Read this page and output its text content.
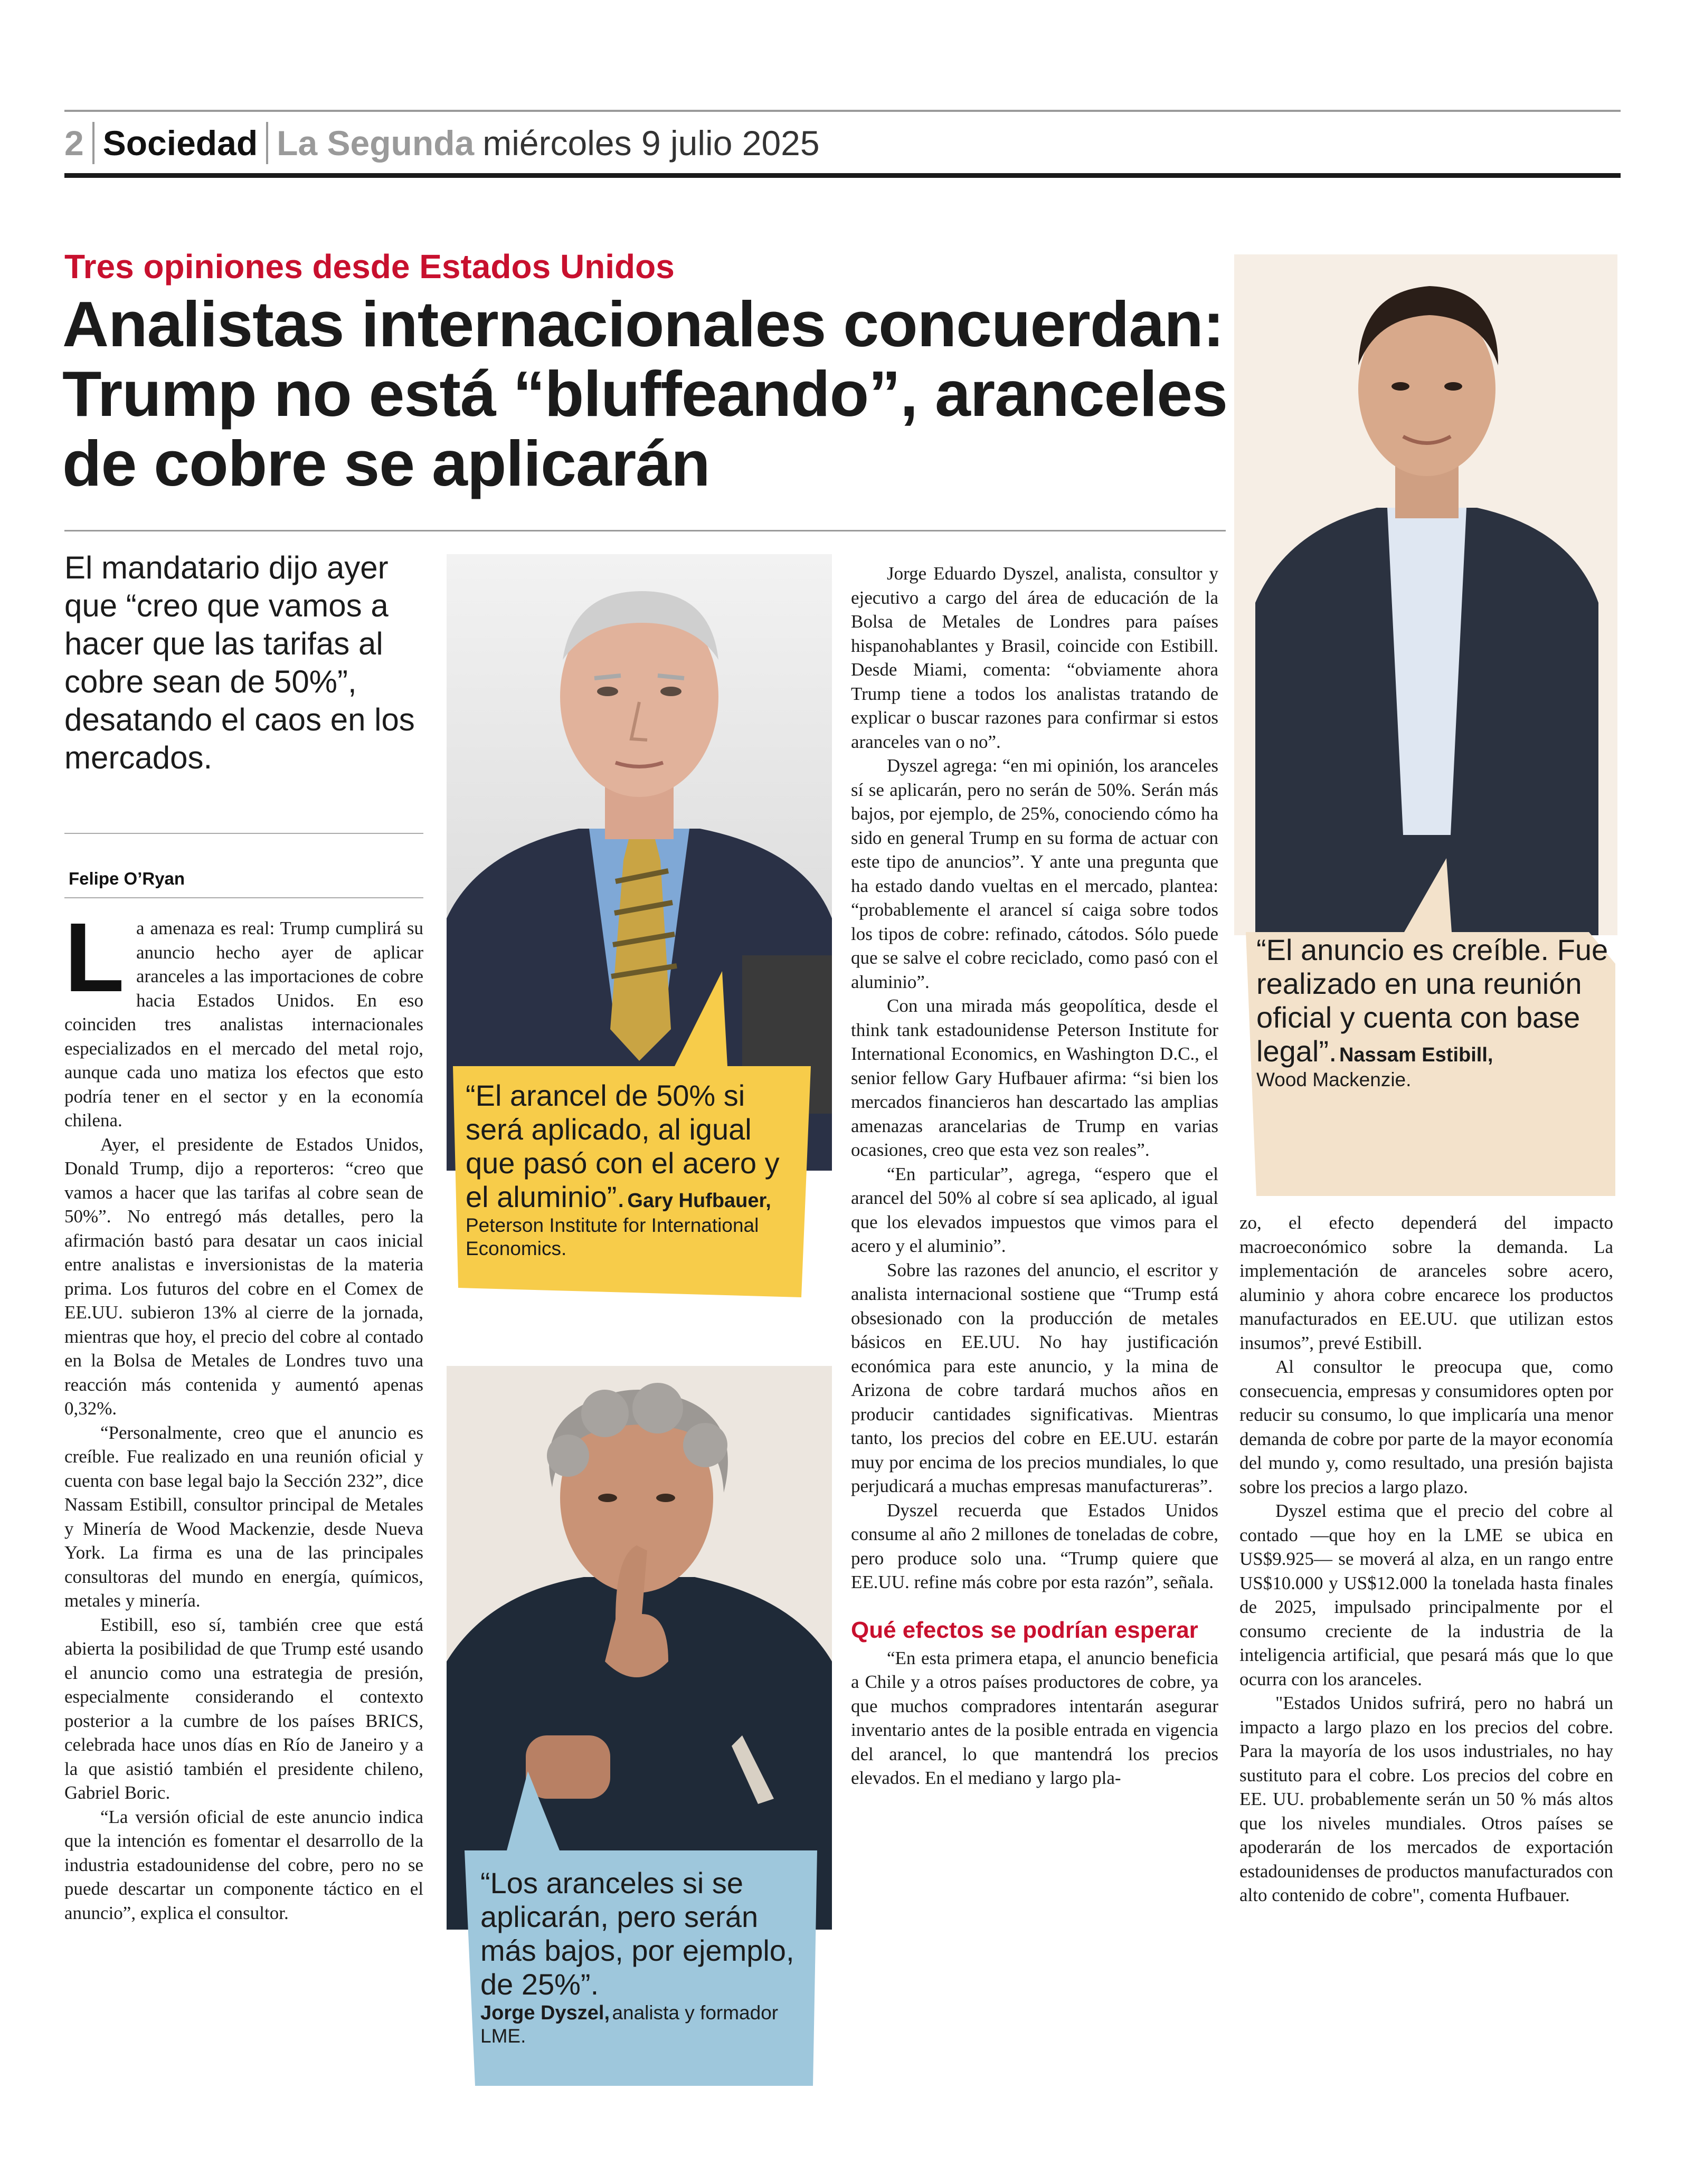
2 Sociedad La Segunda miércoles 9 julio 2025
Tres opiniones desde Estados Unidos
Analistas internacionales concuerdan: Trump no está “bluffeando”, aranceles de cobre se aplicarán
El mandatario dijo ayer que “creo que vamos a hacer que las tarifas al cobre sean de 50%”, desatando el caos en los mercados.
Felipe O’Ryan

La amenaza es real: Trump cumplirá su anuncio hecho ayer de aplicar aranceles a las importaciones de cobre hacia Estados Unidos. En eso coinciden tres analistas internacionales especializados en el mercado del metal rojo, aunque cada uno matiza los efectos que esto podría tener en el sector y en la economía chilena.

Ayer, el presidente de Estados Unidos, Donald Trump, dijo a reporteros: “creo que vamos a hacer que las tarifas al cobre sean de 50%”. No entregó más detalles, pero la afirmación bastó para desatar un caos inicial entre analistas e inversionistas de la materia prima. Los futuros del cobre en el Comex de EE.UU. subieron 13% al cierre de la jornada, mientras que hoy, el precio del cobre al contado en la Bolsa de Metales de Londres tuvo una reacción más contenida y aumentó apenas 0,32%.

“Personalmente, creo que el anuncio es creíble. Fue realizado en una reunión oficial y cuenta con base legal bajo la Sección 232”, dice Nassam Estibill, consultor principal de Metales y Minería de Wood Mackenzie, desde Nueva York. La firma es una de las principales consultoras del mundo en energía, químicos, metales y minería.

Estibill, eso sí, también cree que está abierta la posibilidad de que Trump esté usando el anuncio como una estrategia de presión, especialmente considerando el contexto posterior a la cumbre de los países BRICS, celebrada hace unos días en Río de Janeiro y a la que asistió también el presidente chileno, Gabriel Boric.

“La versión oficial de este anuncio indica que la intención es fomentar el desarrollo de la industria estadounidense del cobre, pero no se puede descartar un componente táctico en el anuncio”, explica el consultor.

“El arancel de 50% si será aplicado, al igual que pasó con el acero y el aluminio”. Gary Hufbauer, Peterson Institute for International Economics.
“Los aranceles si se aplicarán, pero serán más bajos, por ejemplo, de 25%”.
Jorge Dyszel, analista y formador LME.

Jorge Eduardo Dyszel, analista, consultor y ejecutivo a cargo del área de educación de la Bolsa de Metales de Londres para países hispanohablantes y Brasil, coincide con Estibill. Desde Miami, comenta: “obviamente ahora Trump tiene a todos los analistas tratando de explicar o buscar razones para confirmar si estos aranceles van o no”.

Dyszel agrega: “en mi opinión, los aranceles sí se aplicarán, pero no serán de 50%. Serán más bajos, por ejemplo, de 25%, conociendo cómo ha sido en general Trump en su forma de actuar con este tipo de anuncios”. Y ante una pregunta que ha estado dando vueltas en el mercado, plantea: “probablemente el arancel sí caiga sobre todos los tipos de cobre: refinado, cátodos. Sólo puede que se salve el cobre reciclado, como pasó con el aluminio”.

Con una mirada más geopolítica, desde el think tank estadounidense Peterson Institute for International Economics, en Washington D.C., el senior fellow Gary Hufbauer afirma: “si bien los mercados financieros han descartado las amplias amenazas arancelarias de Trump en varias ocasiones, creo que esta vez son reales”.

“En particular”, agrega, “espero que el arancel del 50% al cobre sí sea aplicado, al igual que los elevados impuestos que vimos para el acero y el aluminio”.

Sobre las razones del anuncio, el escritor y analista internacional sostiene que “Trump está obsesionado con la producción de metales básicos en EE.UU. No hay justificación económica para este anuncio, y la mina de Arizona de cobre tardará muchos años en producir cantidades significativas. Mientras tanto, los precios del cobre en EE.UU. estarán muy por encima de los precios mundiales, lo que perjudicará a muchas empresas manufactureras”.

Dyszel recuerda que Estados Unidos consume al año 2 millones de toneladas de cobre, pero produce solo una. “Trump quiere que EE.UU. refine más cobre por esta razón”, señala.

Qué efectos se podrían esperar

“En esta primera etapa, el anuncio beneficia a Chile y a otros países productores de cobre, ya que muchos compradores intentarán asegurar inventario antes de la posible entrada en vigencia del arancel, lo que mantendrá los precios elevados. En el mediano y largo pla-

“El anuncio es creíble. Fue realizado en una reunión oficial y cuenta con base legal”. Nassam Estibill,
Wood Mackenzie.

zo, el efecto dependerá del impacto macroeconómico sobre la demanda. La implementación de aranceles sobre acero, aluminio y ahora cobre encarece los productos manufacturados en EE.UU. que utilizan estos insumos”, prevé Estibill.

Al consultor le preocupa que, como consecuencia, empresas y consumidores opten por reducir su consumo, lo que implicaría una menor demanda de cobre por parte de la mayor economía del mundo y, como resultado, una presión bajista sobre los precios a largo plazo.

Dyszel estima que el precio del cobre al contado —que hoy en la LME se ubica en US$9.925— se moverá al alza, en un rango entre US$10.000 y US$12.000 la tonelada hasta finales de 2025, impulsado principalmente por el consumo creciente de la industria de la inteligencia artificial, que pesará más que lo que ocurra con los aranceles.

"Estados Unidos sufrirá, pero no habrá un impacto a largo plazo en los precios del cobre. Para la mayoría de los usos industriales, no hay sustituto para el cobre. Los precios del cobre en EE. UU. probablemente serán un 50 % más altos que los niveles mundiales. Otros países se apoderarán de los mercados de exportación estadounidenses de productos manufacturados con alto contenido de cobre", comenta Hufbauer.
